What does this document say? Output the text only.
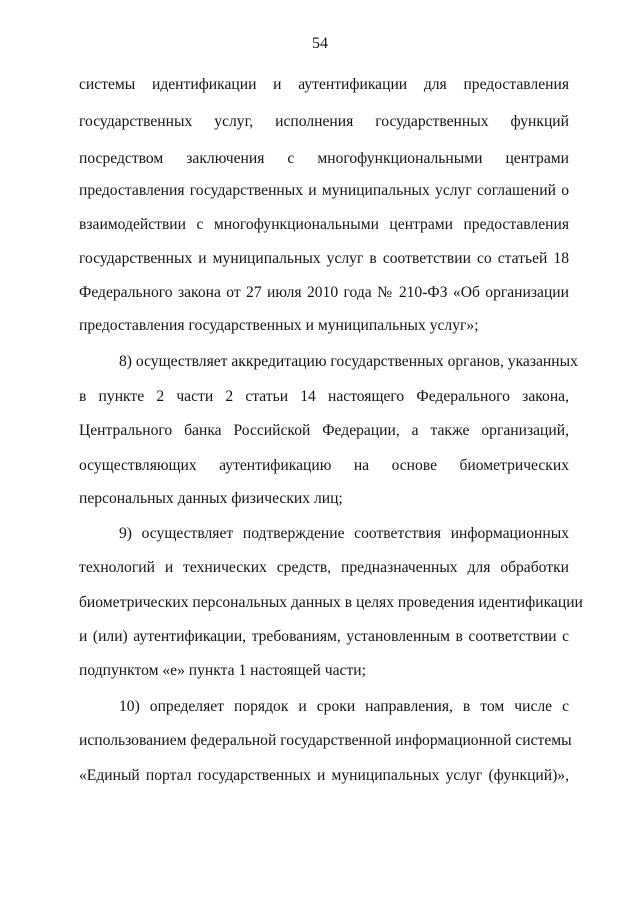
54
системы идентификации и аутентификации для предоставления
государственных услуг, исполнения государственных функций
посредством заключения с многофункциональными центрами
предоставления государственных и муниципальных услуг соглашений о
взаимодействии с многофункциональными центрами предоставления
государственных и муниципальных услуг в соответствии со статьей 18
Федерального закона от 27 июля 2010 года № 210-ФЗ «Об организации
предоставления государственных и муниципальных услуг»;
8) осуществляет аккредитацию государственных органов, указанных
в пункте 2 части 2 статьи 14 настоящего Федерального закона,
Центрального банка Российской Федерации, а также организаций,
осуществляющих аутентификацию на основе биометрических
персональных данных физических лиц;
9) осуществляет подтверждение соответствия информационных
технологий и технических средств, предназначенных для обработки
биометрических персональных данных в целях проведения идентификации
и (или) аутентификации, требованиям, установленным в соответствии с
подпунктом «е» пункта 1 настоящей части;
10) определяет порядок и сроки направления, в том числе с
использованием федеральной государственной информационной системы
«Единый портал государственных и муниципальных услуг (функций)»,
